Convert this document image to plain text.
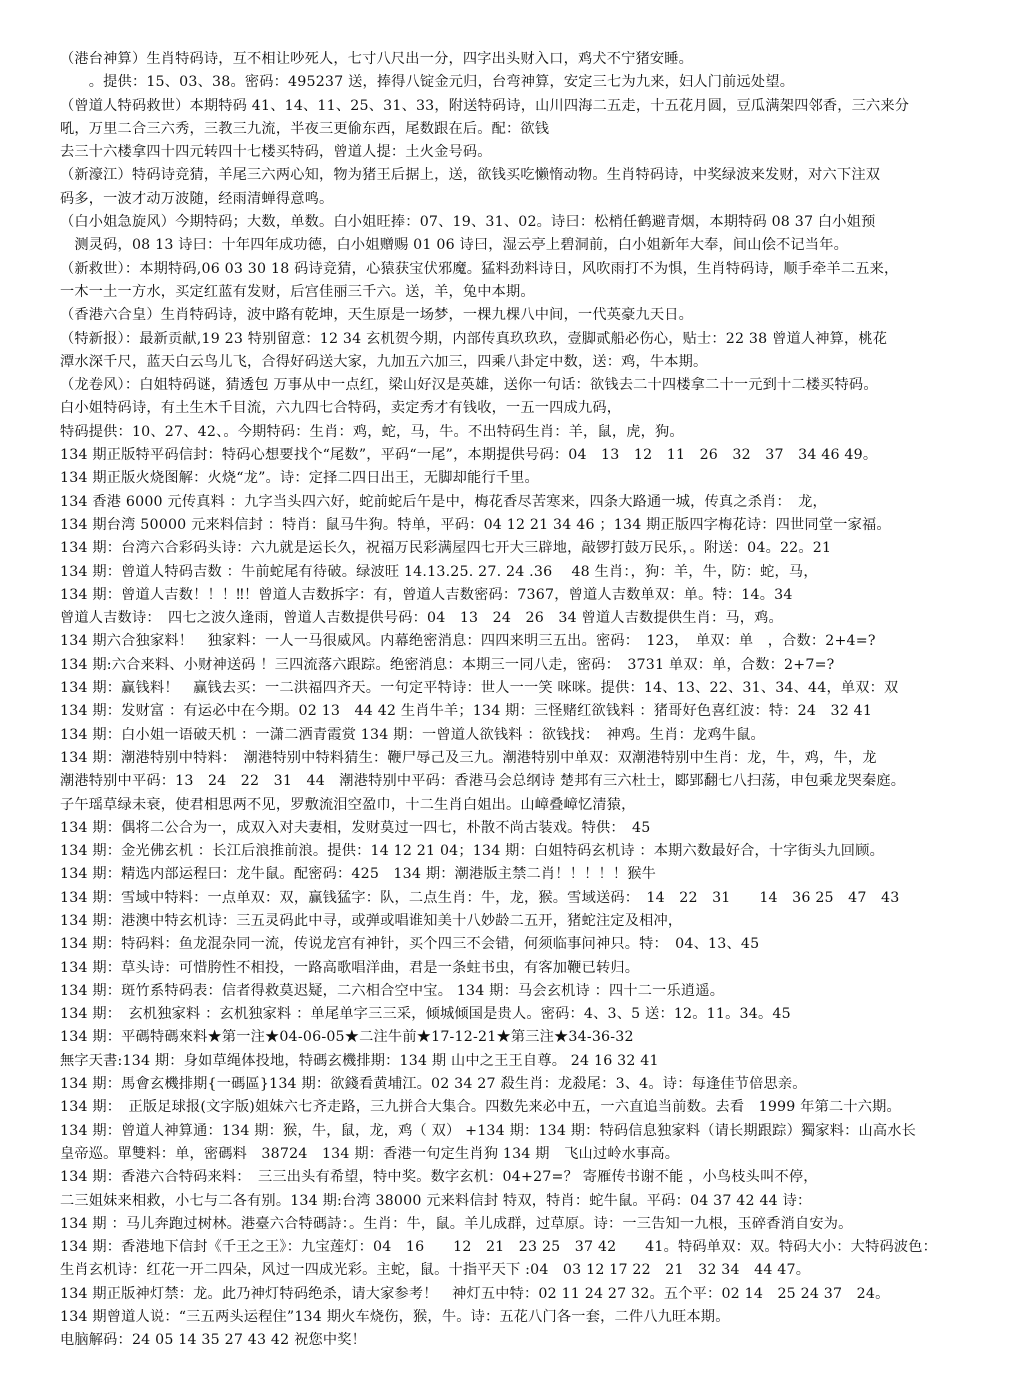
（港台神算）生肖特码诗，互不相让吵死人，七寸八尺出一分，四字出头财入口，鸡犬不宁猪安睡。
　　。提供：15、03、38。密码：495237 送，捧得八锭金元归，台弯神算，安定三七为九来，妇人门前远处望。
（曾道人特码救世）本期特码 41、14、11、25、31、33，附送特码诗，山川四海二五走，十五花月圆，豆瓜满架四邻香，三六来分
吼，万里二合三六秀，三教三九流，半夜三更偷东西，尾数跟在后。配：欲钱
去三十六楼拿四十四元转四十七楼买特码，曾道人提：土火金号码。
（新濠江）特码诗竞猜，羊尾三六两心知，物为猪王后据上，送，欲钱买吃懒惰动物。生肖特码诗，中奖绿波来发财，对六下注双
码多，一波才动万波随，经雨清蝉得意鸣。
（白小姐急旋风）今期特码；大数，单数。白小姐旺捧：07、19、31、02。诗曰：松梢任鹤避青烟，本期特码 08 37 白小姐预
　测灵码，08 13 诗曰：十年四年成功德，白小姐赠赐 01 06 诗曰，湿云亭上碧洞前，白小姐新年大奉，间山侩不记当年。
（新救世）：本期特码,06 03 30 18 码诗竞猜，心猿获宝伏邪魔。猛料劲料诗日，风吹雨打不为惧，生肖特码诗，顺手牵羊二五来，
一木一土一方水，买定红蓝有发财，后宫佳丽三千六。送，羊，兔中本期。
（香港六合皇）生肖特码诗，波中路有乾坤，天生原是一场梦，一棵九棵八中间，一代英豪九天日。
（特新报）：最新贡献,19 23 特别留意：12 34 玄机贺今期，内部传真玖玖玖，壹脚贰船必伤心，贴士：22 38 曾道人神算，桃花
潭水深千尺，蓝天白云鸟儿飞，合得好码送大家，九加五六加三，四乘八卦定中数，送：鸡，牛本期。
（龙卷风）：白姐特码谜，猜透包 万事从中一点红，梁山好汉是英雄，送你一句话：欲钱去二十四楼拿二十一元到十二楼买特码。
白小姐特码诗，有土生木千目流，六九四七合特码，卖定秀才有钱收，一五一四成九码，
特码提供：10、27、42、。今期特码：生肖：鸡，蛇，马，牛。不出特码生肖：羊，鼠，虎，狗。
134 期正版特平码信封：特码心想要找个“尾数”，平码“一尾”，本期提供号码：04　13　12　11　26　32　37　34 46 49。
134 期正版火烧图解：火烧“龙”。诗：定择二四日出王，无脚却能行千里。
134 香港 6000 元传真料 ：九字当头四六好，蛇前蛇后午是中，梅花香尽苦寒来，四条大路通一城，传真之杀肖：　龙，
134 期台湾 50000 元来料信封 ：特肖：鼠马牛狗。特单，平码：04 12 21 34 46 ；134 期正版四字梅花诗：四世同堂一家福。
134 期：台湾六合彩码头诗：六九就是运长久，祝福万民彩满屋四七开大三辟地，敲锣打鼓万民乐，。附送：04。22。21
134 期：曾道人特码吉数 ：牛前蛇尾有待破。绿波旺 14.13.25. 27. 24 .36　 48 生肖：，狗：羊，牛，防：蛇，马，
134 期：曾道人吉数！！！‼！曾道人吉数拆字：有，曾道人吉数密码：7367，曾道人吉数单双：单。特：14。34
曾道人吉数诗：　四七之波久逢雨，曾道人吉数提供号码：04　13　24　26　34 曾道人吉数提供生肖：马，鸡。
134 期六合独家料！　独家料：一人一马很威风。内幕绝密消息：四四来明三五出。密码：　123，　单双：单　，合数：2+4=?
134 期:六合来料、小财神送码 ！三四流落六跟踪。绝密消息：本期三一同八走，密码：　3731 单双：单，合数：2+7=?
134 期：赢钱料！　赢钱去买：一二洪福四齐天。一句定平特诗：世人一一笑 咪咪。提供：14、13、22、31、34、44，单双：双
134 期：发财富 ：有运必中在今期。02 13　44 42 生肖牛羊；134 期：三怪赌红欲钱料 ：猪哥好色喜红波：特：24　32 41
134 期：白小姐一语破天机 ：一潇二洒青霞赏 134 期：一曾道人欲钱料 ：欲钱找：　神鸡。生肖：龙鸡牛鼠。
134 期：潮港特别中特料：　潮港特别中特料猜生：鞭尸辱己及三九。潮港特别中单双：双潮港特别中生肖：龙，牛，鸡，牛，龙
潮港特别中平码：13　24　22　31　44　潮港特别中平码：香港马会总纲诗 楚邦有三六杜士，郾郢翻七八扫荡，申包乘龙哭秦庭。
子午瑶草绿未衰，使君相思两不见，罗敷流泪空盈巾，十二生肖白姐出。山嶂叠嶂忆清猿，
134 期：偶将二公合为一，成双入对夫妻相，发财莫过一四七，朴散不尚古装戏。特供：　45
134 期：金光佛玄机 ：长江后浪推前浪。提供：14 12 21 04；134 期：白姐特码玄机诗 ：本期六数最好合，十字街头九回顾。
134 期：精选内部运程曰：龙牛鼠。配密码：425　134 期：潮港版主禁二肖！！！！！猴牛
134 期：雪域中特料：一点单双：双，赢钱猛字：队，二点生肖：牛，龙，猴。雪域送码：　14　22　31　　14　36 25　47　43
134 期：港澳中特玄机诗：三五灵码此中寻，或弹或唱谁知美十八妙龄二五开，猪蛇注定及相冲，
134 期：特码料：鱼龙混杂同一流，传说龙宫有神针，买个四三不会错，何须临事问神只。特：　04、13、45
134 期：草头诗：可惜胯性不相投，一路高歌唱洋曲，君是一条蛀书虫，有客加鞭已转归。
134 期：斑竹系特码表：信者得救莫迟疑，二六相合空中宝。 134 期：马会玄机诗 ：四十二一乐逍遥。
134 期：　玄机独家料 ：玄机独家料 ：单尾单字三三采，倾城倾国是贵人。密码：4、3、5 送：12。11。34。45
134 期：平碼特碼來料★第一注★04-06-05★二注牛前★17-12-21★第三注★34-36-32
無字天書:134 期：身如草绳体投地，特碼玄機排期：134 期 山中之王王自尊。 24 16 32 41
134 期：馬會玄機排期{一碼區}134 期：欲錢看黄埔江。02 34 27 殺生肖：龙殺尾：3、4。诗：每逢佳节倍思亲。
134 期：　正版足球报(文字版)姐妹六七齐走路，三九拼合大集合。四数先来必中五，一六直追当前数。去看　1999 年第二十六期。
134 期：曾道人神算通：134 期：猴，牛，鼠，龙，鸡（ 双） +134 期：134 期：特码信息独家料（请长期跟踪）獨家料：山高水长
皇帝巡。單雙料：单，密碼料　38724　134 期：香港一句定生肖狗 134 期　飞山过岭水事高。
134 期：香港六合特码来料：　三三出头有希望，特中奖。数字玄机：04+27=？ 寄雁传书谢不能 ，小鸟枝头叫不停，
二三姐妹来相救，小七与二各有别。134 期:台湾 38000 元来料信封 特双，特肖：蛇牛鼠。平码：04 37 42 44 诗：
134 期 ：马儿奔跑过树林。港臺六合特碼詩：。生肖：牛，鼠。羊儿成群，过草原。诗：一三告知一九根，玉碎香消自安为。
134 期：香港地下信封《千王之王》：九宝莲灯：04　16　　12　21　23 25　37 42　　41。特码单双：双。特码大小：大特码波色：
生肖玄机诗：红花一开二四朵，风过一四成光彩。主蛇，鼠。十指平天下 :04　03 12 17 22　21　32 34　44 47。
134 期正版神灯禁：龙。此乃神灯特码绝杀，请大家参考！　神灯五中特：02 11 24 27 32。五个平：02 14　25 24 37　24。
134 期曾道人说：“三五两头运程住”134 期火车烧伤，猴，牛。诗：五花八门各一套，二件八九旺本期。
电脑解码：24 05 14 35 27 43 42 祝您中奖！
